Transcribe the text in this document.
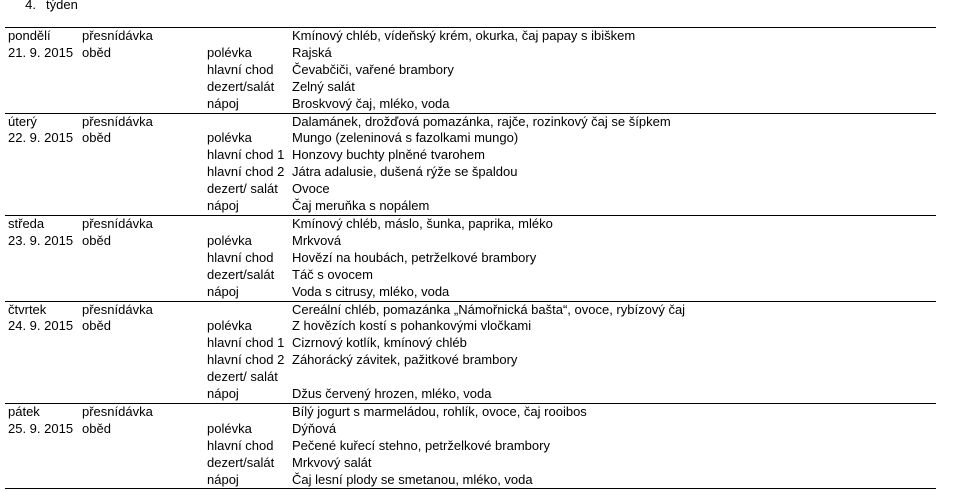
4. týden
pondělí	přesnídávka		Kmínový chléb, vídeňský krém, okurka, čaj papay s ibiškem
21. 9. 2015	oběd	polévka	Rajská
		hlavní chod	Čevabčiči, vařené brambory
		dezert/salát	Zelný salát
		nápoj	Broskvový čaj, mléko, voda
úterý	přesnídávka		Dalamánek, drožďová pomazánka, rajče, rozinkový čaj se šípkem
22. 9. 2015	oběd	polévka	Mungo (zeleninová s fazolkami mungo)
		hlavní chod 1	Honzovy buchty plněné tvarohem
		hlavní chod 2	Játra adalusie, dušená rýže se špaldou
		dezert/ salát	Ovoce
		nápoj	Čaj meruňka s nopálem
středa	přesnídávka		Kmínový chléb, máslo, šunka, paprika, mléko
23. 9. 2015	oběd	polévka	Mrkvová
		hlavní chod	Hovězí na houbách, petrželkové brambory
		dezert/salát	Táč s ovocem
		nápoj	Voda s citrusy, mléko, voda
čtvrtek	přesnídávka		Cereální chléb, pomazánka „Námořnická bašta“, ovoce, rybízový čaj
24. 9. 2015	oběd	polévka	Z hovězích kostí s pohankovými vločkami
		hlavní chod 1	Cizrnový kotlík, kmínový chléb
		hlavní chod 2	Záhorácký závitek, pažitkové brambory
		dezert/ salát	
		nápoj	Džus červený hrozen, mléko, voda
pátek	přesnídávka		Bílý jogurt s marmeládou, rohlík, ovoce, čaj rooibos
25. 9. 2015	oběd	polévka	Dýňová
		hlavní chod	Pečené kuřecí stehno, petrželkové brambory
		dezert/salát	Mrkvový salát
		nápoj	Čaj lesní plody se smetanou, mléko, voda
